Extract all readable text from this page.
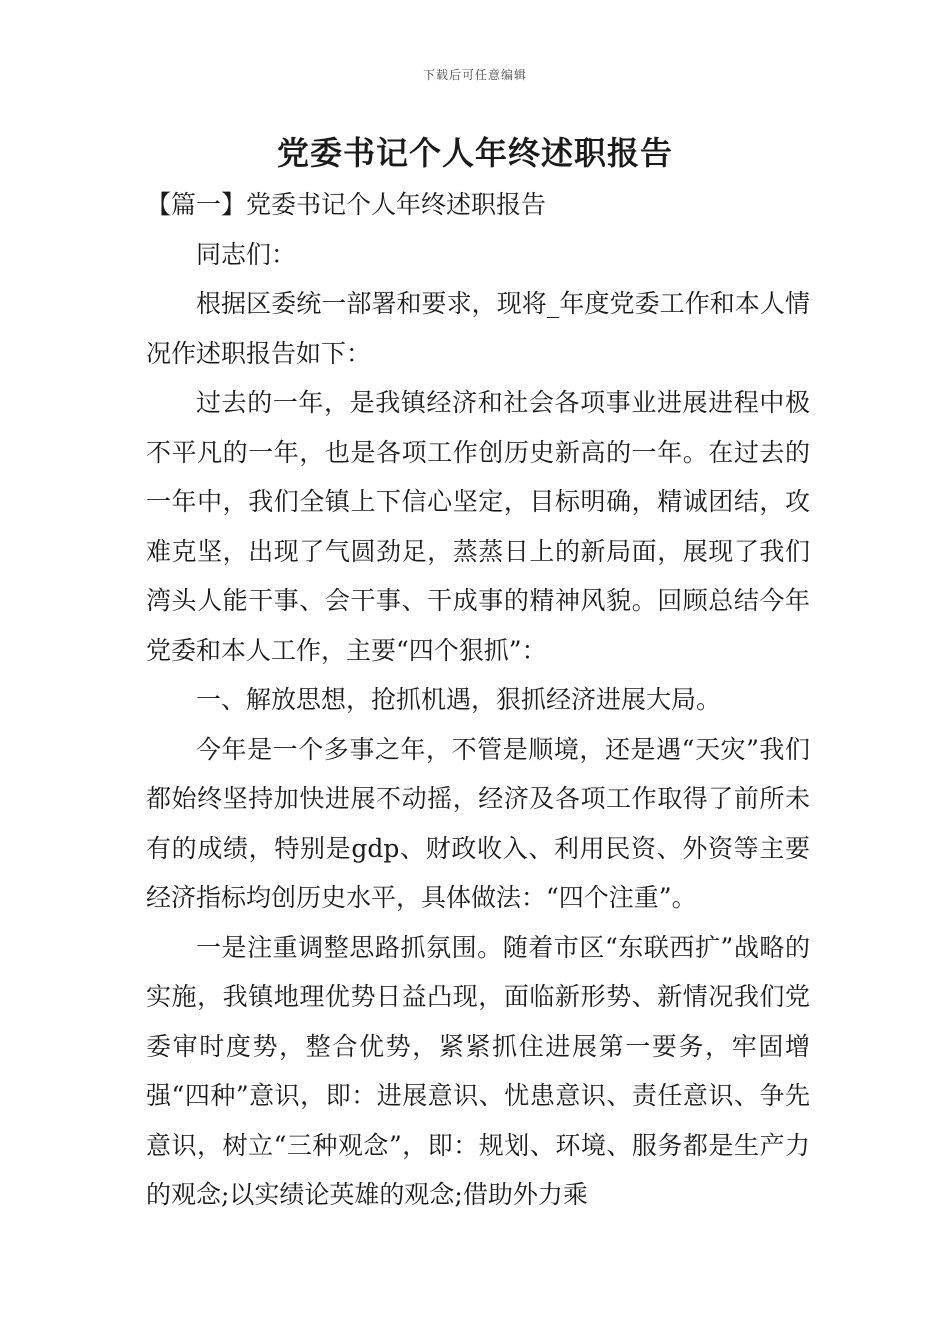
下载后可任意编辑
党委书记个人年终述职报告

【篇一】党委书记个人年终述职报告

同志们：

根据区委统一部署和要求，现将_年度党委工作和本人情况作述职报告如下：

过去的一年，是我镇经济和社会各项事业进展进程中极不平凡的一年，也是各项工作创历史新高的一年。在过去的一年中，我们全镇上下信心坚定，目标明确，精诚团结，攻难克坚，出现了气圆劲足，蒸蒸日上的新局面，展现了我们湾头人能干事、会干事、干成事的精神风貌。回顾总结今年党委和本人工作，主要“四个狠抓”：

一、解放思想，抢抓机遇，狠抓经济进展大局。

今年是一个多事之年，不管是顺境，还是遇“天灾”我们都始终坚持加快进展不动摇，经济及各项工作取得了前所未有的成绩，特别是gdp、财政收入、利用民资、外资等主要经济指标均创历史水平，具体做法：“四个注重”。

一是注重调整思路抓氛围。随着市区“东联西扩”战略的实施，我镇地理优势日益凸现，面临新形势、新情况我们党委审时度势，整合优势，紧紧抓住进展第一要务，牢固增强“四种”意识，即：进展意识、忧患意识、责任意识、争先意识，树立“三种观念”，即：规划、环境、服务都是生产力的观念;以实绩论英雄的观念;借助外力乘
